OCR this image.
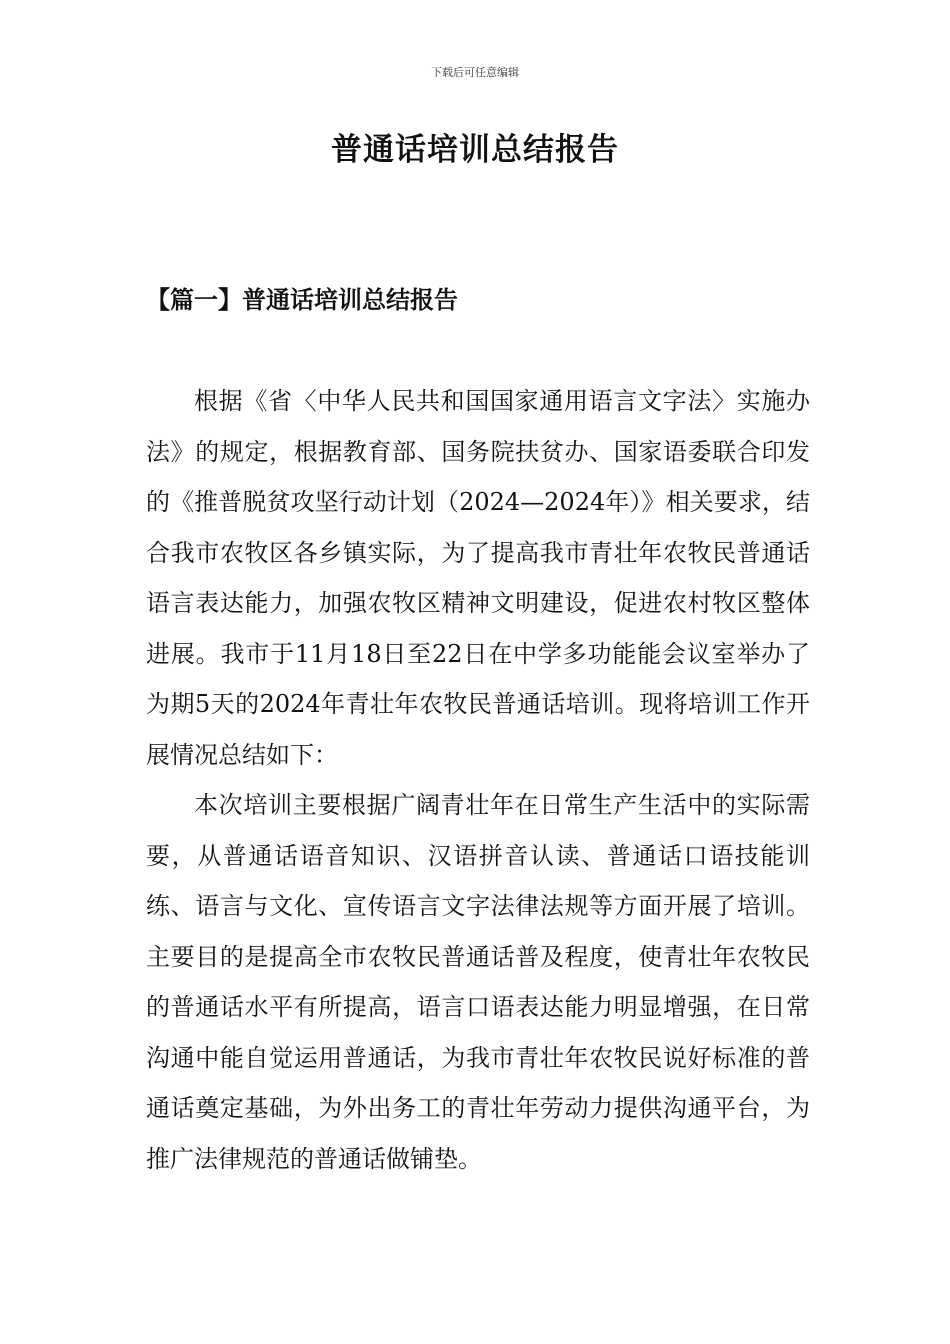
下载后可任意编辑
普通话培训总结报告
【篇一】普通话培训总结报告

根据《省〈中华人民共和国国家通用语言文字法〉实施办法》的规定，根据教育部、国务院扶贫办、国家语委联合印发的《推普脱贫攻坚行动计划（2024—2024年）》相关要求，结合我市农牧区各乡镇实际，为了提高我市青壮年农牧民普通话语言表达能力，加强农牧区精神文明建设，促进农村牧区整体进展。我市于11月18日至22日在中学多功能能会议室举办了为期5天的2024年青壮年农牧民普通话培训。现将培训工作开展情况总结如下：

本次培训主要根据广阔青壮年在日常生产生活中的实际需要，从普通话语音知识、汉语拼音认读、普通话口语技能训练、语言与文化、宣传语言文字法律法规等方面开展了培训。主要目的是提高全市农牧民普通话普及程度，使青壮年农牧民的普通话水平有所提高，语言口语表达能力明显增强，在日常沟通中能自觉运用普通话，为我市青壮年农牧民说好标准的普通话奠定基础，为外出务工的青壮年劳动力提供沟通平台，为推广法律规范的普通话做铺垫。
